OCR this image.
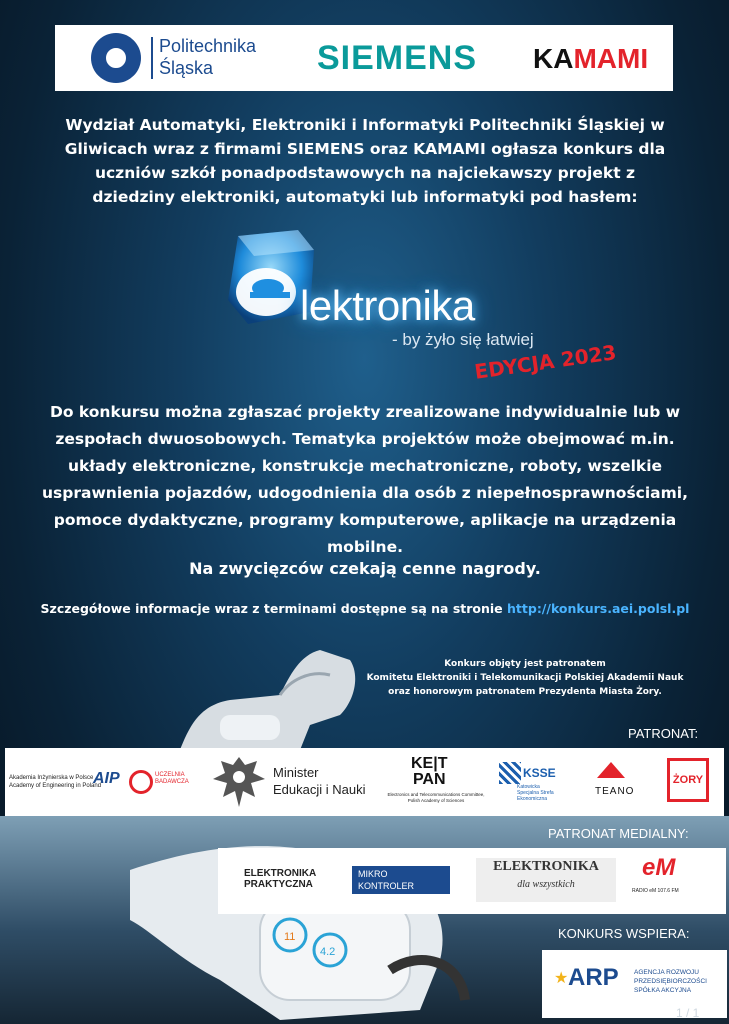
Politechnika
Śląska	SIEMENS KAMAMI
Wydział Automatyki, Elektroniki i Informatyki Politechniki Śląskiej w Gliwicach wraz z firmami SIEMENS oraz KAMAMI ogłasza konkurs dla uczniów szkół ponadpodstawowych na najciekawszy projekt z dziedziny elektroniki, automatyki lub informatyki pod hasłem:
lektronika
- by żyło się łatwiej
EDYCJA 2023
Do konkursu można zgłaszać projekty zrealizowane indywidualnie lub w zespołach dwuosobowych. Tematyka projektów może obejmować m.in. układy elektroniczne, konstrukcje mechatroniczne, roboty, wszelkie usprawnienia pojazdów, udogodnienia dla osób z niepełnosprawnościami, pomoce dydaktyczne, programy komputerowe, aplikacje na urządzenia mobilne.
Na zwycięzców czekają cenne nagrody.
Szczegółowe informacje wraz z terminami dostępne są na stronie http://konkurs.aei.polsl.pl
Konkurs objęty jest patronatem
Komitetu Elektroniki i Telekomunikacji Polskiej Akademii Nauk
oraz honorowym patronatem Prezydenta Miasta Żory.
PATRONAT:
Akademia Inżynierska w Polsce
Academy of Engineering in Poland
AIP	UCZELNIA
BADAWCZA
Minister
Edukacji i Nauki
KE|T
PAN
Electronics and Telecommunications Committee,
Polish Academy of Sciences
KSSE
Katowicka
Specjalna Strefa
Ekonomiczna
TEANO
ŻORY
11
4.2
PATRONAT MEDIALNY:
ELEKTRONIKA
PRAKTYCZNA
MIKRO
KONTROLER
ELEKTRONIKA
dla wszystkich
eM
RADIO eM 107.6 FM
KONKURS WSPIERA:
★ ARP AGENCJA ROZWOJU
PRZEDSIĘBIORCZOŚCI
SPÓŁKA AKCYJNA
1 / 1
